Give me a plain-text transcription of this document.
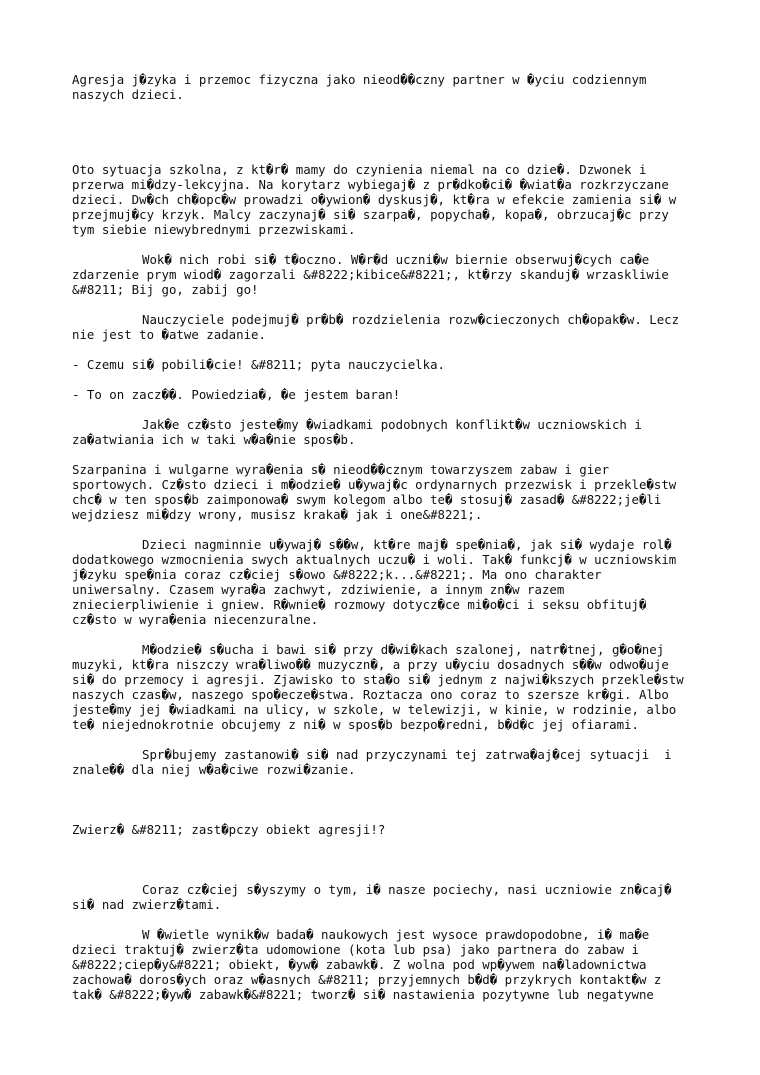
Agresja j�zyka i przemoc fizyczna jako nieod��czny partner w �yciu codziennym naszych dzieci.

Oto sytuacja szkolna, z kt�r� mamy do czynienia niemal na co dzie�. Dzwonek i przerwa mi�dzy-lekcyjna. Na korytarz wybiegaj� z pr�dko�ci� �wiat�a rozkrzyczane dzieci. Dw�ch ch�opc�w prowadzi o�ywion� dyskusj�, kt�ra w efekcie zamienia si� w przejmuj�cy krzyk. Malcy zaczynaj� si� szarpa�, popycha�, kopa�, obrzucaj�c przy tym siebie niewybrednymi przezwiskami.

Wok� nich robi si� t�oczno. W�r�d uczni�w biernie obserwuj�cych ca�e zdarzenie prym wiod� zagorzali &#8222;kibice&#8221;, kt�rzy skanduj� wrzaskliwie &#8211; Bij go, zabij go!

Nauczyciele podejmuj� pr�b� rozdzielenia rozw�cieczonych ch�opak�w. Lecz nie jest to �atwe zadanie.

- Czemu si� pobili�cie! &#8211; pyta nauczycielka.

- To on zacz��. Powiedzia�, �e jestem baran!

Jak�e cz�sto jeste�my �wiadkami podobnych konflikt�w uczniowskich i za�atwiania ich w taki w�a�nie spos�b.

Szarpanina i wulgarne wyra�enia s� nieod��cznym towarzyszem zabaw i gier sportowych. Cz�sto dzieci i m�odzie� u�ywaj�c ordynarnych przezwisk i przekle�stw chc� w ten spos�b zaimponowa� swym kolegom albo te� stosuj� zasad� &#8222;je�li wejdziesz mi�dzy wrony, musisz kraka� jak i one&#8221;.

Dzieci nagminnie u�ywaj� s��w, kt�re maj� spe�nia�, jak si� wydaje rol� dodatkowego wzmocnienia swych aktualnych uczu� i woli. Tak� funkcj� w uczniowskim j�zyku spe�nia coraz cz�ciej s�owo &#8222;k...&#8221;. Ma ono charakter uniwersalny. Czasem wyra�a zachwyt, zdziwienie, a innym zn�w razem zniecierpliwienie i gniew. R�wnie� rozmowy dotycz�ce mi�o�ci i seksu obfituj� cz�sto w wyra�enia niecenzuralne.

M�odzie� s�ucha i bawi si� przy d�wi�kach szalonej, natr�tnej, g�o�nej muzyki, kt�ra niszczy wra�liwo�� muzyczn�, a przy u�yciu dosadnych s��w odwo�uje si� do przemocy i agresji. Zjawisko to sta�o si� jednym z najwi�kszych przekle�stw naszych czas�w, naszego spo�ecze�stwa. Roztacza ono coraz to szersze kr�gi. Albo jeste�my jej �wiadkami na ulicy, w szkole, w telewizji, w kinie, w rodzinie, albo te� niejednokrotnie obcujemy z ni� w spos�b bezpo�redni, b�d�c jej ofiarami.

Spr�bujemy zastanowi� si� nad przyczynami tej zatrwa�aj�cej sytuacji  i znale�� dla niej w�a�ciwe rozwi�zanie.

Zwierz� &#8211; zast�pczy obiekt agresji!?

Coraz cz�ciej s�yszymy o tym, i� nasze pociechy, nasi uczniowie zn�caj� si� nad zwierz�tami.

W �wietle wynik�w bada� naukowych jest wysoce prawdopodobne, i� ma�e dzieci traktuj� zwierz�ta udomowione (kota lub psa) jako partnera do zabaw i &#8222;ciep�y&#8221; obiekt, �yw� zabawk�. Z wolna pod wp�ywem na�ladownictwa zachowa� doros�ych oraz w�asnych &#8211; przyjemnych b�d� przykrych kontakt�w z tak� &#8222;�yw� zabawk�&#8221; tworz� si� nastawienia pozytywne lub negatywne
